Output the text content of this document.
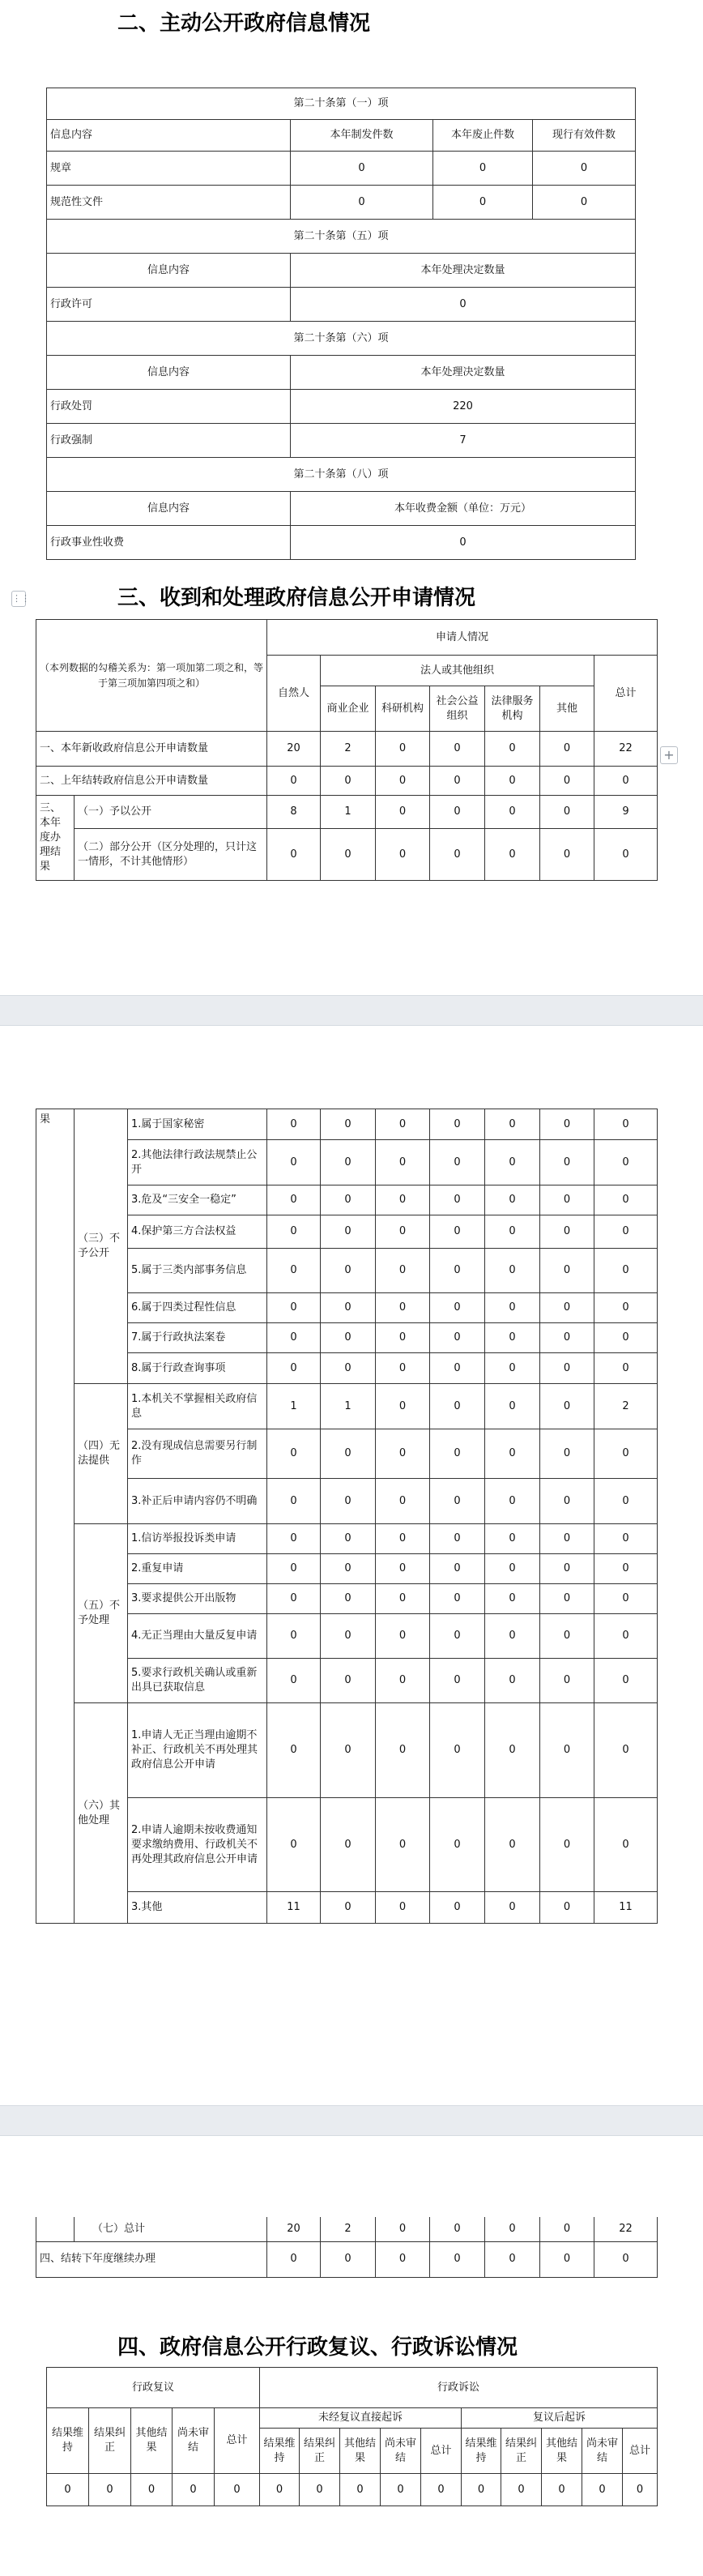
二、主动公开政府信息情况
第二十条第（一）项			
信息内容	本年制发件数	本年废止件数	现行有效件数
规章	0	0	0
规范性文件	0	0	0
第二十条第（五）项			
信息内容	本年处理决定数量		
行政许可	0		
第二十条第（六）项			
信息内容	本年处理决定数量		
行政处罚	220		
行政强制	7		
第二十条第（八）项			
信息内容	本年收费金额（单位：万元）		
行政事业性收费	0		
⋮⋮	三、收到和处理政府信息公开申请情况
+
（本列数据的勾稽关系为：第一项加第二项之和，等于第三项加第四项之和）		申请人情况						
		自然人	法人或其他组织					总计
			商业企业	科研机构	社会公益组织	法律服务机构	其他	
一、本年新收政府信息公开申请数量		20	2	0	0	0	0	22
二、上年结转政府信息公开申请数量		0	0	0	0	0	0	0
三、本年度办理结果	（一）予以公开	8	1	0	0	0	0	9
	（二）部分公开（区分处理的，只计这一情形，不计其他情形）	0	0	0	0	0	0	0
果	（三）不予公开	1.属于国家秘密	0	0	0	0	0	0	0
		2.其他法律行政法规禁止公开	0	0	0	0	0	0	0
		3.危及“三安全一稳定”	0	0	0	0	0	0	0
		4.保护第三方合法权益	0	0	0	0	0	0	0
		5.属于三类内部事务信息	0	0	0	0	0	0	0
		6.属于四类过程性信息	0	0	0	0	0	0	0
		7.属于行政执法案卷	0	0	0	0	0	0	0
		8.属于行政查询事项	0	0	0	0	0	0	0
	（四）无法提供	1.本机关不掌握相关政府信息	1	1	0	0	0	0	2
		2.没有现成信息需要另行制作	0	0	0	0	0	0	0
		3.补正后申请内容仍不明确	0	0	0	0	0	0	0
	（五）不予处理	1.信访举报投诉类申请	0	0	0	0	0	0	0
		2.重复申请	0	0	0	0	0	0	0
		3.要求提供公开出版物	0	0	0	0	0	0	0
		4.无正当理由大量反复申请	0	0	0	0	0	0	0
		5.要求行政机关确认或重新出具已获取信息	0	0	0	0	0	0	0
	（六）其他处理	1.申请人无正当理由逾期不补正、行政机关不再处理其政府信息公开申请	0	0	0	0	0	0	0
		2.申请人逾期未按收费通知要求缴纳费用、行政机关不再处理其政府信息公开申请	0	0	0	0	0	0	0
		3.其他	11	0	0	0	0	0	11
	（七）总计	20	2	0	0	0	0	22
四、结转下年度继续办理		0	0	0	0	0	0	0
四、政府信息公开行政复议、行政诉讼情况
行政复议					行政诉讼									
结果维持	结果纠正	其他结果	尚未审结	总计	未经复议直接起诉					复议后起诉				
					结果维持	结果纠正	其他结果	尚未审结	总计	结果维持	结果纠正	其他结果	尚未审结	总计
0	0	0	0	0	0	0	0	0	0	0	0	0	0	0
